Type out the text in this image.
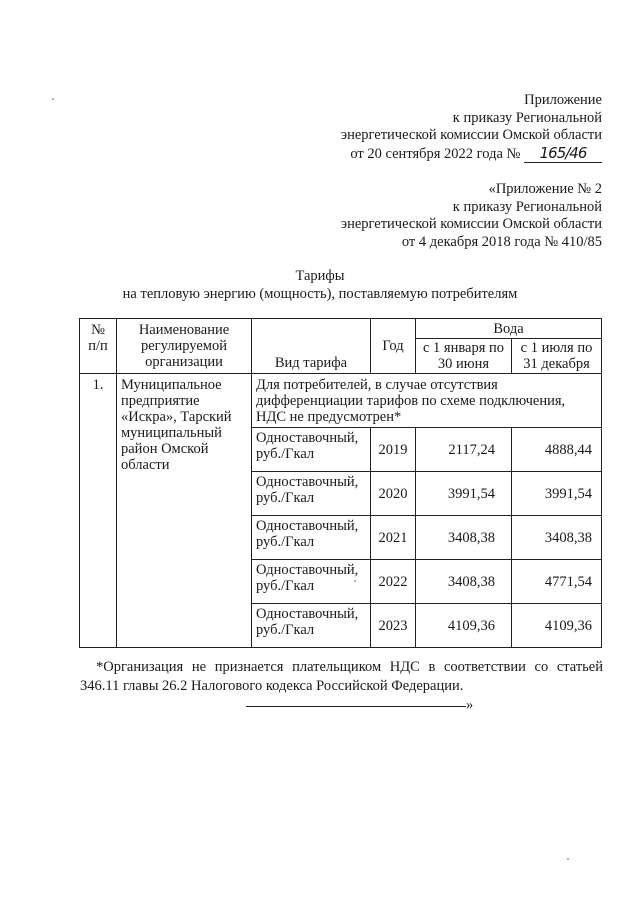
Приложение
к приказу Региональной
энергетической комиссии Омской области
от 20 сентября 2022 года № 165/46
«Приложение № 2
к приказу Региональной
энергетической комиссии Омской области
от 4 декабря 2018 года № 410/85
Тарифы
на тепловую энергию (мощность), поставляемую потребителям
№ п/п	Наименование регулируемой организации	Вид тарифа	Год	Вода	

				с 1 января по 30 июня	с 1 июля по 31 декабря

1.	Муниципальное предприятие «Искра», Тарский муниципальный район Омской области	Для потребителей, в случае отсутствия дифференциации тарифов по схеме подключения, НДС не предусмотрен*			

		Одноставочный, руб./Гкал	2019	2117,24	4888,44

		Одноставочный, руб./Гкал	2020	3991,54	3991,54

		Одноставочный, руб./Гкал	2021	3408,38	3408,38

		Одноставочный, руб./Гкал	2022	3408,38	4771,54

		Одноставочный, руб./Гкал	2023	4109,36	4109,36
*Организация не признается плательщиком НДС в соответствии со статьей 346.11 главы 26.2 Налогового кодекса Российской Федерации.
»
